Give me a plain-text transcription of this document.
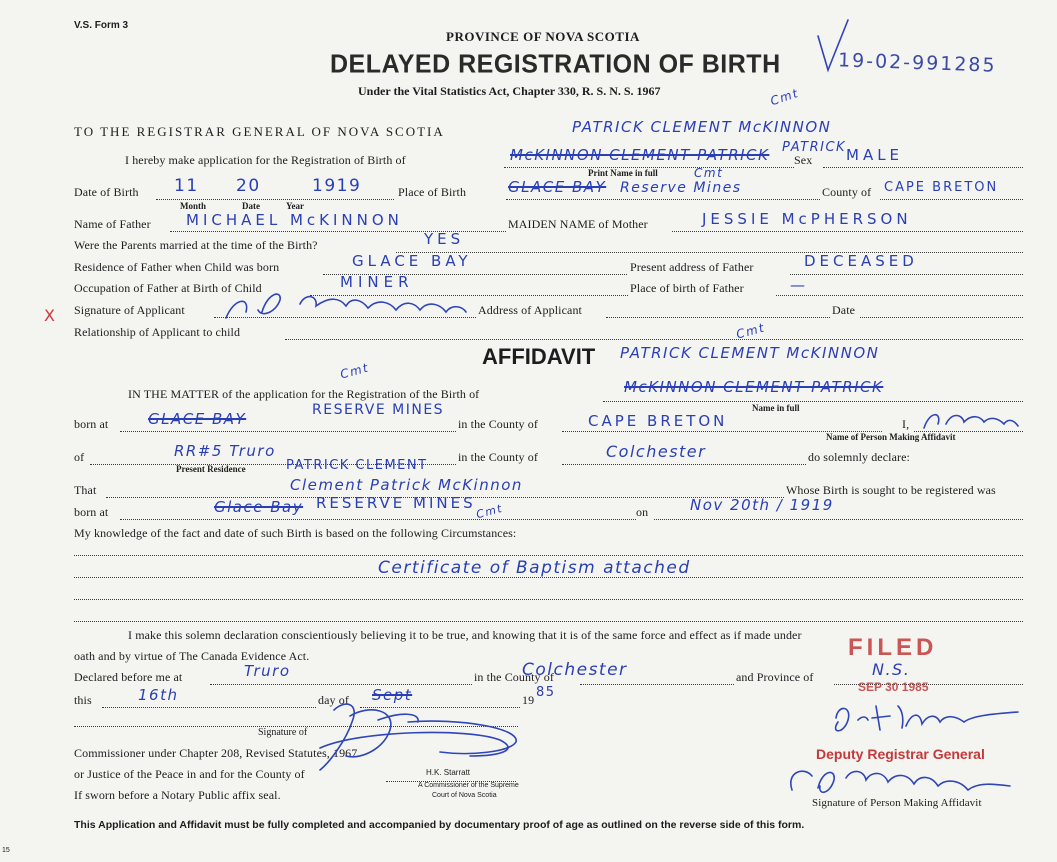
V.S. Form 3
PROVINCE OF NOVA SCOTIA
DELAYED REGISTRATION OF BIRTH
Under the Vital Statistics Act, Chapter 330, R. S. N. S. 1967
19-02-991285
TO THE REGISTRAR GENERAL OF NOVA SCOTIA	PATRICK CLEMENT McKINNON
Cmt
PATRICK
I hereby make application for the Registration of Birth of	McKINNON CLEMENT PATRICK Sex MALE
Print Name in full	Cmt
Date of Birth 11 20	1919
Month	Date	Year
Place of Birth	GLACE BAY Reserve Mines	County of CAPE BRETON
Name of Father MICHAEL McKINNON	MAIDEN NAME of Mother	JESSIE McPHERSON
Were the Parents married at the time of the Birth?	YES
Residence of Father when Child was born	GLACE BAY	Present address of Father	DECEASED
Occupation of Father at Birth of Child	MINER	Place of birth of Father	—
X Signature of Applicant	Address of Applicant	Date
Relationship of Applicant to child
AFFIDAVIT PATRICK CLEMENT McKINNON
Cmt
IN THE MATTER of the application for the Registration of the Birth of	McKINNON CLEMENT PATRICK
Cmt
born at	GLACE BAY	RESERVE MINES
in the County of	CAPE BRETON
Name in full
I,
Name of Person Making Affidavit
of	RR#5 Truro
Present Residence
in the County of	Colchester	do solemnly declare:
That
PATRICK CLEMENT
Clement Patrick McKinnon	Whose Birth is sought to be registered was
born at	Glace Bay RESERVE MINES	on	Nov 20th / 1919
My knowledge of the fact and date of such Birth is based on the following Circumstances:
Cmt
Certificate of Baptism attached
I make this solemn declaration conscientiously believing it to be true, and knowing that it is of the same force and effect as if made under
oath and by virtue of The Canada Evidence Act.
Declared before me at	Truro	in the County of
Colchester	and Province of	N.S.
this	16th	day of Sept	19 85
Signature of
Commissioner under Chapter 208, Revised Statutes, 1967
or Justice of the Peace in and for the County of	H.K. Starratt
A Commissioner of the Supreme
Court of Nova Scotia
If sworn before a Notary Public affix seal.
FILED
SEP 30 1985
Deputy Registrar General
Signature of Person Making Affidavit
This Application and Affidavit must be fully completed and accompanied by documentary proof of age as outlined on the reverse side of this form.
15
